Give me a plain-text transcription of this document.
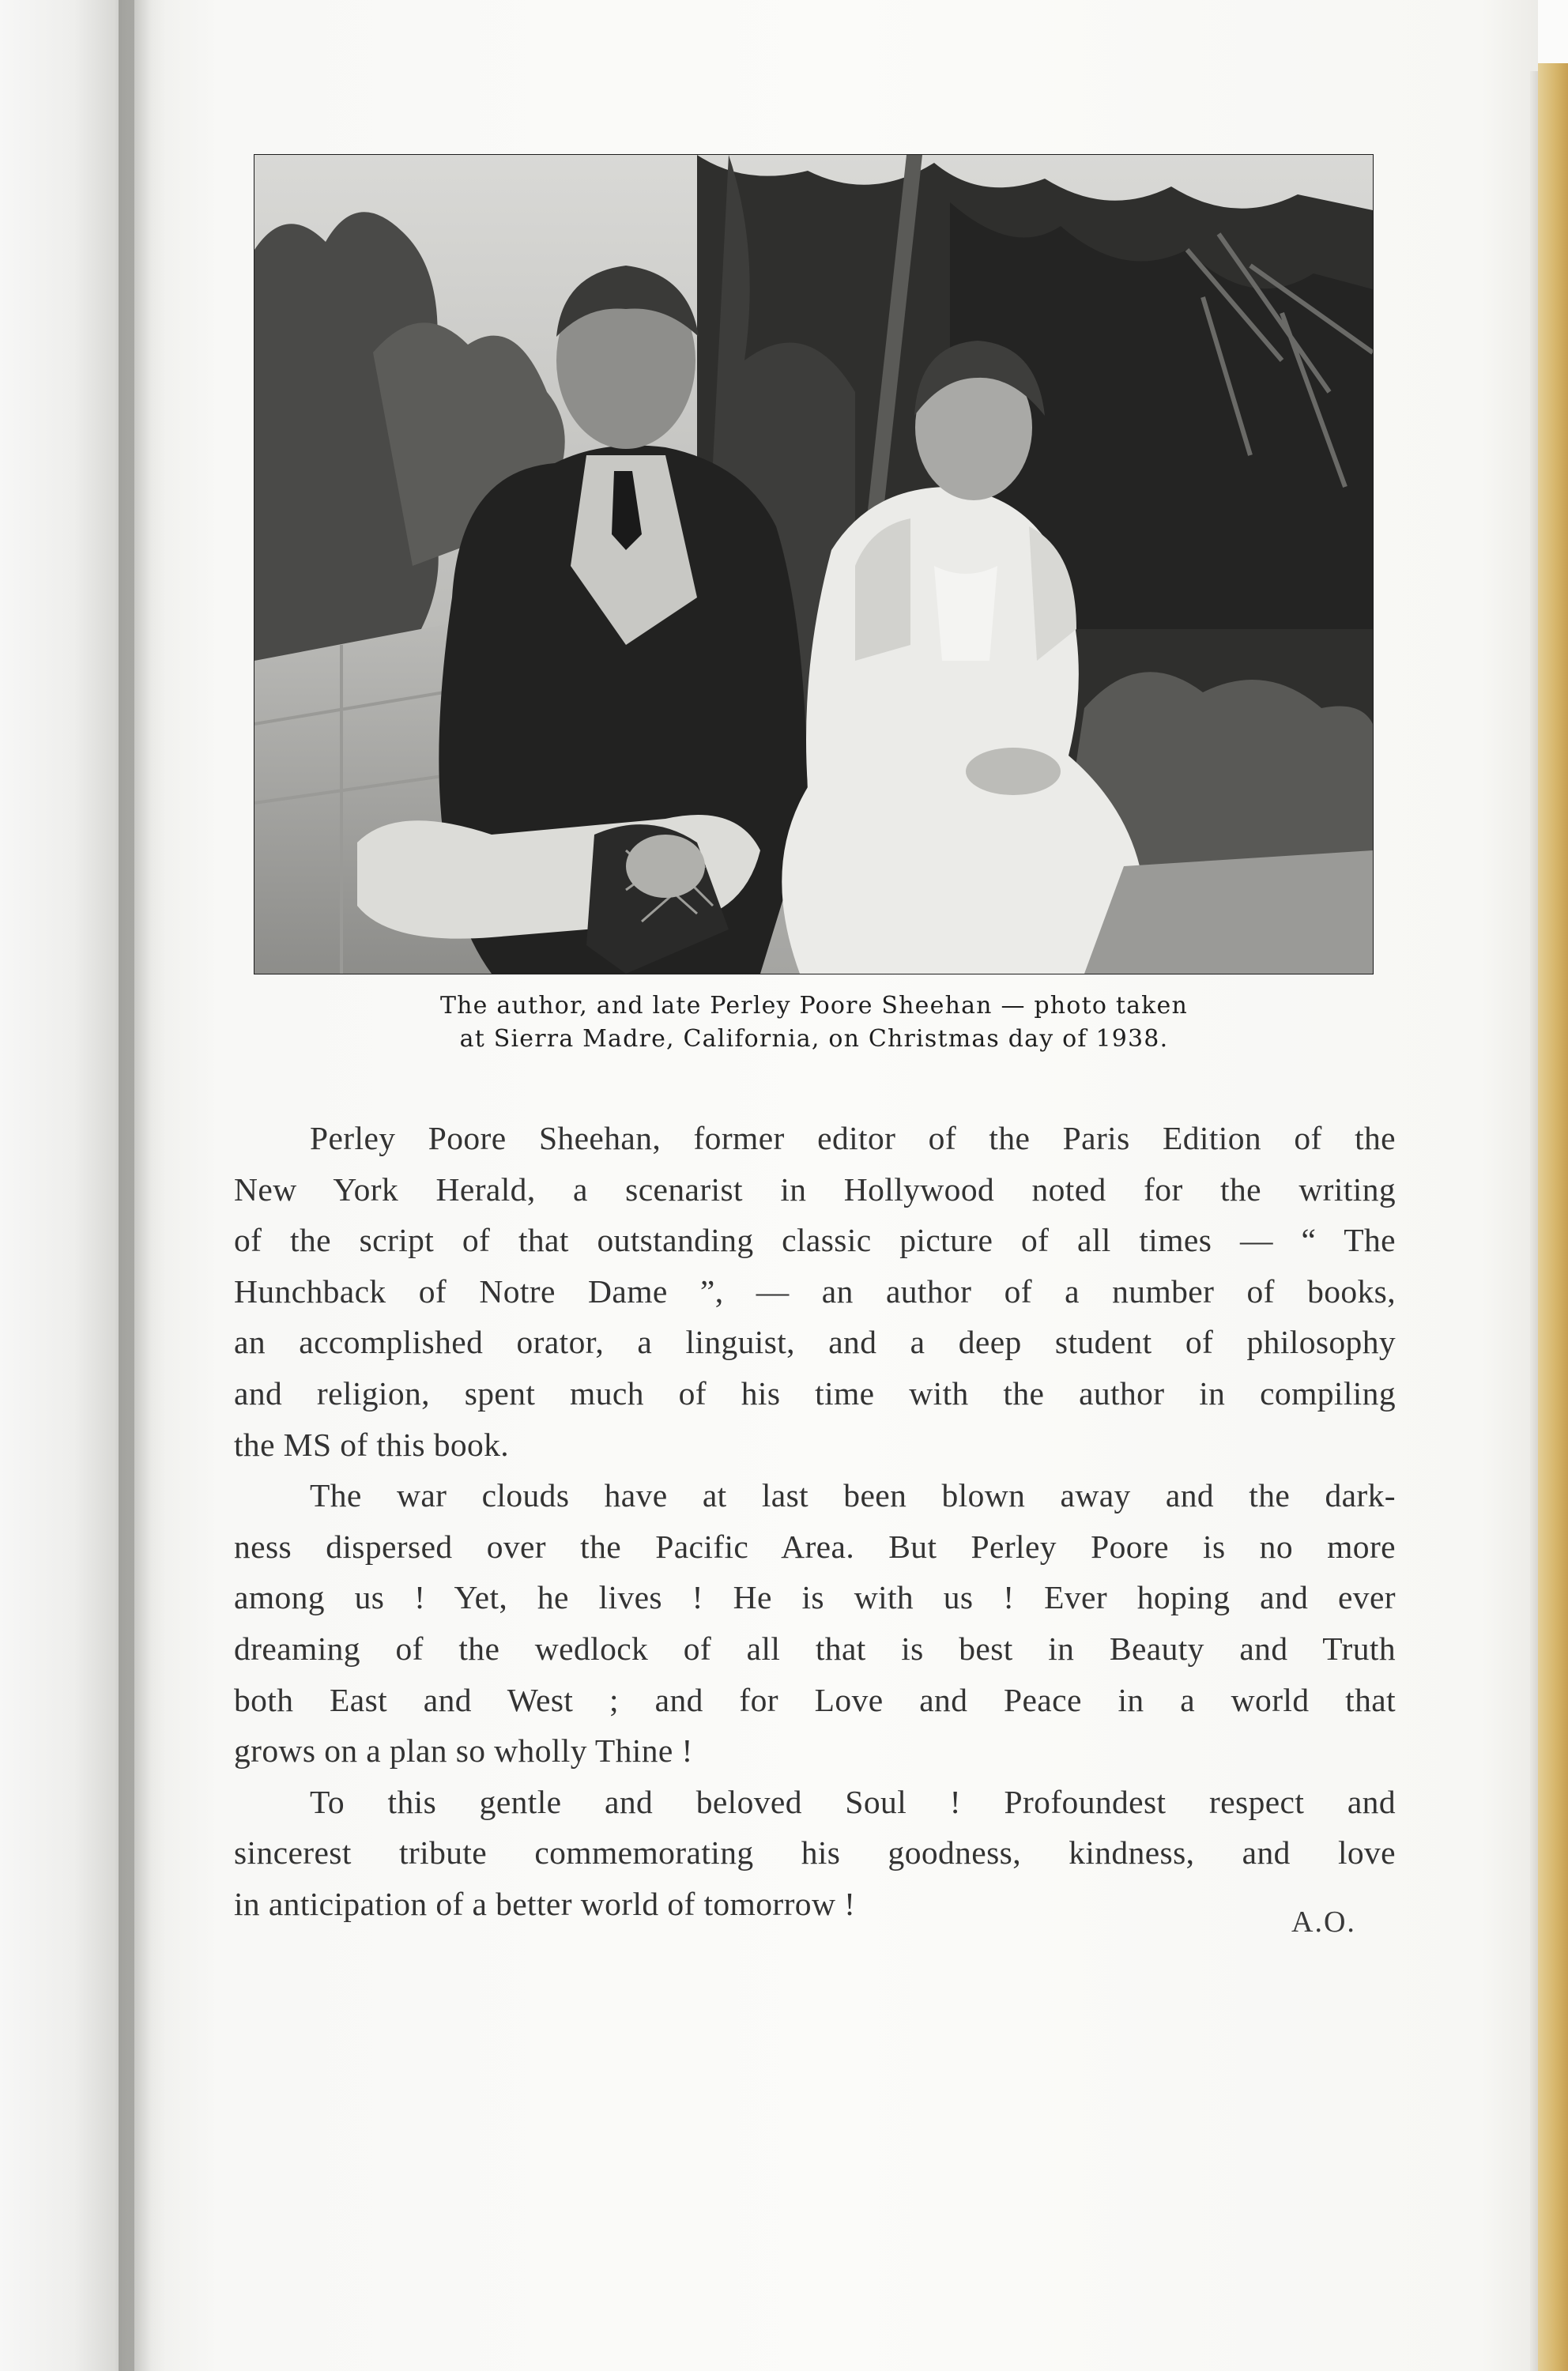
The author, and late Perley Poore Sheehan — photo taken
at Sierra Madre, California, on Christmas day of 1938.
Perley Poore Sheehan, former editor of the Paris Edition of the
New York Herald, a scenarist in Hollywood noted for the writing
of the script of that outstanding classic picture of all times — “ The
Hunchback of Notre Dame ”, — an author of a number of books,
an accomplished orator, a linguist, and a deep student of philosophy
and religion, spent much of his time with the author in compiling
the MS of this book.
The war clouds have at last been blown away and the dark-
ness dispersed over the Pacific Area. But Perley Poore is no more
among us ! Yet, he lives ! He is with us ! Ever hoping and ever
dreaming of the wedlock of all that is best in Beauty and Truth
both East and West ; and for Love and Peace in a world that
grows on a plan so wholly Thine !
To this gentle and beloved Soul ! Profoundest respect and
sincerest tribute commemorating his goodness, kindness, and love
in anticipation of a better world of tomorrow !
A.O.
